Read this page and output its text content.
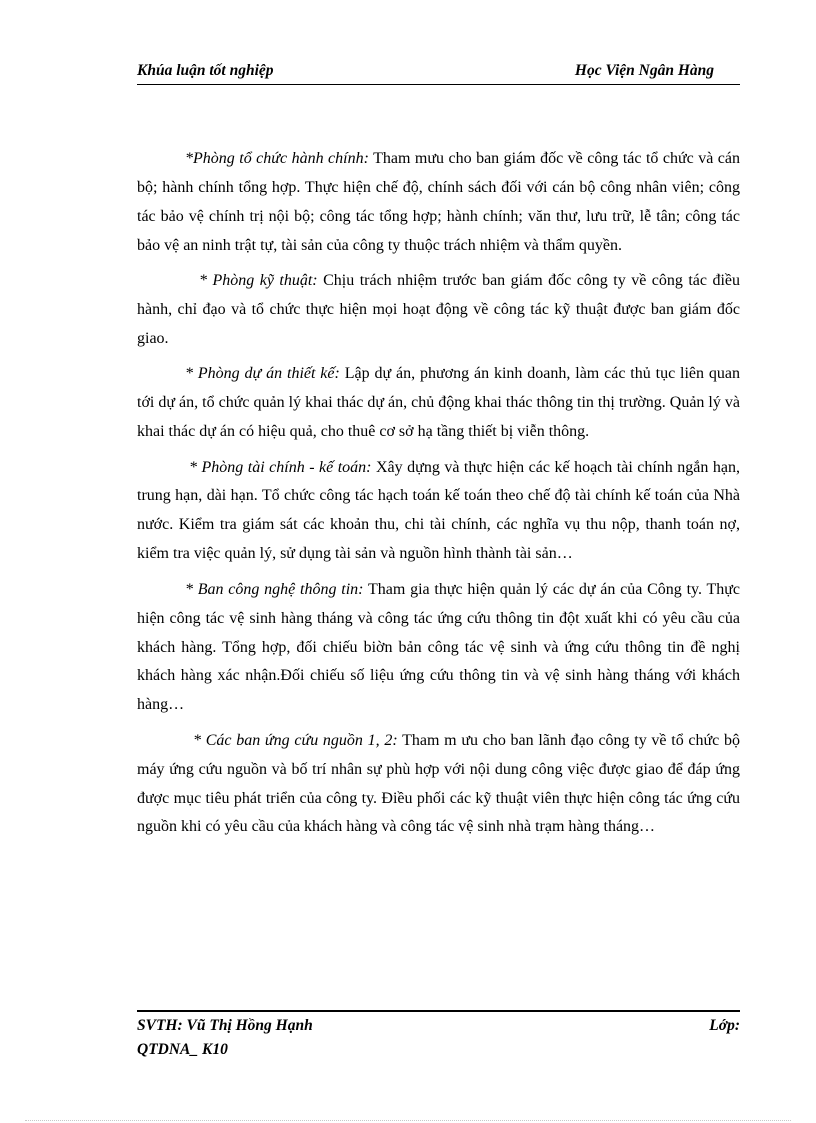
Khúa luận tốt nghiệp	Học Viện Ngân Hàng

*Phòng tổ chức hành chính: Tham mưu cho ban giám đốc về công tác tổ chức và cán bộ; hành chính tổng hợp. Thực hiện chế độ, chính sách đối với cán bộ công nhân viên; công tác bảo vệ chính trị nội bộ; công tác tổng hợp; hành chính; văn thư, lưu trữ, lễ tân; công tác bảo vệ an ninh trật tự, tài sản của công ty thuộc trách nhiệm và thẩm quyền.

* Phòng kỹ thuật: Chịu trách nhiệm trước ban giám đốc công ty về công tác điều hành, chỉ đạo và tổ chức thực hiện mọi hoạt động về công tác kỹ thuật được ban giám đốc giao.

* Phòng dự án thiết kế: Lập dự án, phương án kinh doanh, làm các thủ tục liên quan tới dự án, tổ chức quản lý khai thác dự án, chủ động khai thác thông tin thị trường. Quản lý và khai thác dự án có hiệu quả, cho thuê cơ sở hạ tầng thiết bị viễn thông.

* Phòng tài chính - kế toán: Xây dựng và thực hiện các kế hoạch tài chính ngắn hạn, trung hạn, dài hạn. Tổ chức công tác hạch toán kế toán theo chế độ tài chính kế toán của Nhà nước. Kiểm tra giám sát các khoản thu, chi tài chính, các nghĩa vụ thu nộp, thanh toán nợ, kiểm tra việc quản lý, sử dụng tài sản và nguồn hình thành tài sản…

* Ban công nghệ thông tin: Tham gia thực hiện quản lý các dự án của Công ty. Thực hiện công tác vệ sinh hàng tháng và công tác ứng cứu thông tin đột xuất khi có yêu cầu của khách hàng. Tổng hợp, đối chiếu biờn bản công tác vệ sinh và ứng cứu thông tin đề nghị khách hàng xác nhận.Đối chiếu số liệu ứng cứu thông tin và vệ sinh hàng tháng với khách hàng…

* Các ban ứng cứu nguồn 1, 2: Tham m ưu cho ban lãnh đạo công ty về tổ chức bộ máy ứng cứu nguồn và bố trí nhân sự phù hợp với nội dung công việc được giao để đáp ứng được mục tiêu phát triển của công ty. Điều phối các kỹ thuật viên thực hiện công tác ứng cứu nguồn khi có yêu cầu của khách hàng và công tác vệ sinh nhà trạm hàng tháng…

SVTH: Vũ Thị Hồng Hạnh	Lớp:
QTDNA_ K10
